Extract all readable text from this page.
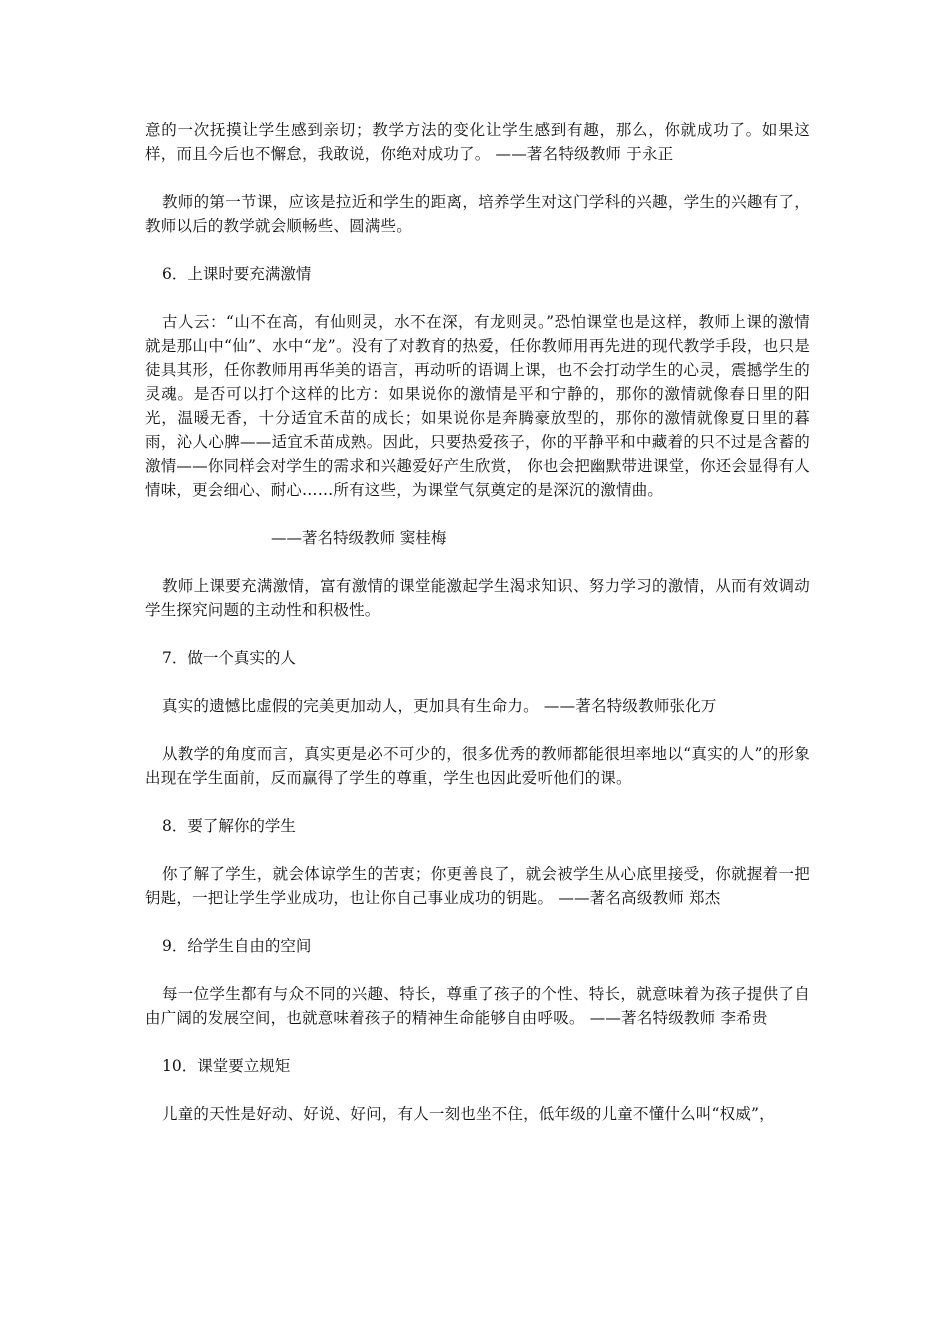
意的一次抚摸让学生感到亲切；教学方法的变化让学生感到有趣，那么，你就成功了。如果这样，而且今后也不懈怠，我敢说，你绝对成功了。 ——著名特级教师 于永正

教师的第一节课，应该是拉近和学生的距离，培养学生对这门学科的兴趣，学生的兴趣有了，教师以后的教学就会顺畅些、圆满些。

6．上课时要充满激情

古人云：“山不在高，有仙则灵，水不在深，有龙则灵。”恐怕课堂也是这样，教师上课的激情就是那山中“仙”、水中“龙”。没有了对教育的热爱，任你教师用再先进的现代教学手段，也只是徒具其形，任你教师用再华美的语言，再动听的语调上课，也不会打动学生的心灵，震撼学生的灵魂。是否可以打个这样的比方：如果说你的激情是平和宁静的，那你的激情就像春日里的阳光，温暖无香，十分适宜禾苗的成长；如果说你是奔腾豪放型的，那你的激情就像夏日里的暮雨，沁人心脾——适宜禾苗成熟。因此，只要热爱孩子，你的平静平和中藏着的只不过是含蓄的激情——你同样会对学生的需求和兴趣爱好产生欣赏， 你也会把幽默带进课堂，你还会显得有人情味，更会细心、耐心……所有这些，为课堂气氛奠定的是深沉的激情曲。

——著名特级教师 窦桂梅

教师上课要充满激情，富有激情的课堂能激起学生渴求知识、努力学习的激情，从而有效调动学生探究问题的主动性和积极性。

7．做一个真实的人

真实的遗憾比虚假的完美更加动人，更加具有生命力。 ——著名特级教师张化万

从教学的角度而言，真实更是必不可少的，很多优秀的教师都能很坦率地以“真实的人”的形象出现在学生面前，反而赢得了学生的尊重，学生也因此爱听他们的课。

8．要了解你的学生

你了解了学生，就会体谅学生的苦衷；你更善良了，就会被学生从心底里接受，你就握着一把钥匙，一把让学生学业成功，也让你自己事业成功的钥匙。 ——著名高级教师 郑杰

9．给学生自由的空间

每一位学生都有与众不同的兴趣、特长，尊重了孩子的个性、特长，就意味着为孩子提供了自由广阔的发展空间，也就意味着孩子的精神生命能够自由呼吸。 ——著名特级教师 李希贵

10．课堂要立规矩

儿童的天性是好动、好说、好问，有人一刻也坐不住，低年级的儿童不懂什么叫“权威”，
